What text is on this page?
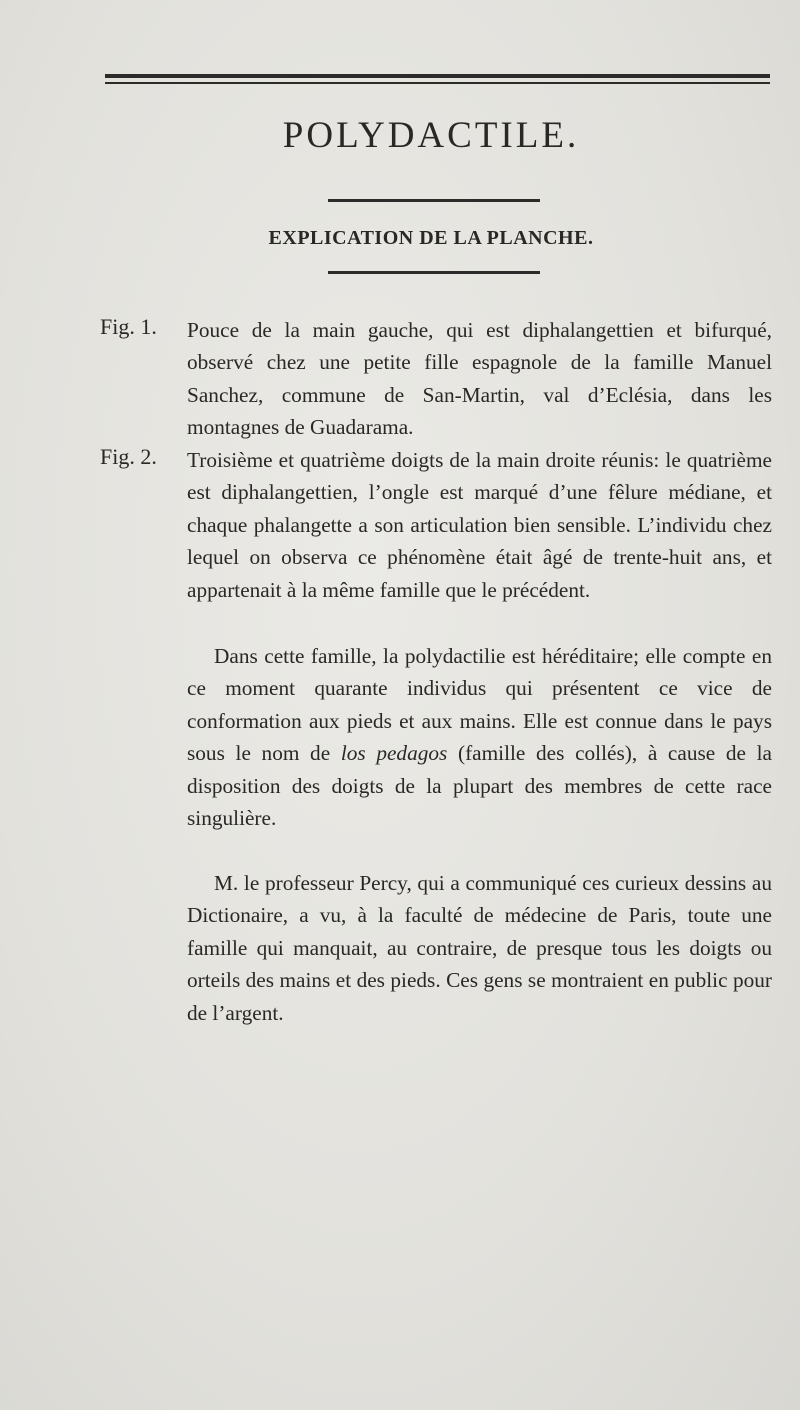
POLYDACTILE.
EXPLICATION DE LA PLANCHE.
Fig. 1. Pouce de la main gauche, qui est diphalangettien et bifurqué, observé chez une petite fille espagnole de la famille Manuel Sanchez, commune de San-Martin, val d’Eclésia, dans les montagnes de Guadarama.
Fig. 2. Troisième et quatrième doigts de la main droite réunis: le quatrième est diphalangettien, l’ongle est marqué d’une fêlure médiane, et chaque phalangette a son articulation bien sensible. L’individu chez lequel on observa ce phénomène était âgé de trente-huit ans, et appartenait à la même famille que le précédent.

Dans cette famille, la polydactilie est héréditaire; elle compte en ce moment quarante individus qui présentent ce vice de conformation aux pieds et aux mains. Elle est connue dans le pays sous le nom de los pedagos (famille des collés), à cause de la disposition des doigts de la plupart des membres de cette race singulière.

M. le professeur Percy, qui a communiqué ces curieux dessins au Dictionaire, a vu, à la faculté de médecine de Paris, toute une famille qui manquait, au contraire, de presque tous les doigts ou orteils des mains et des pieds. Ces gens se montraient en public pour de l’argent.
